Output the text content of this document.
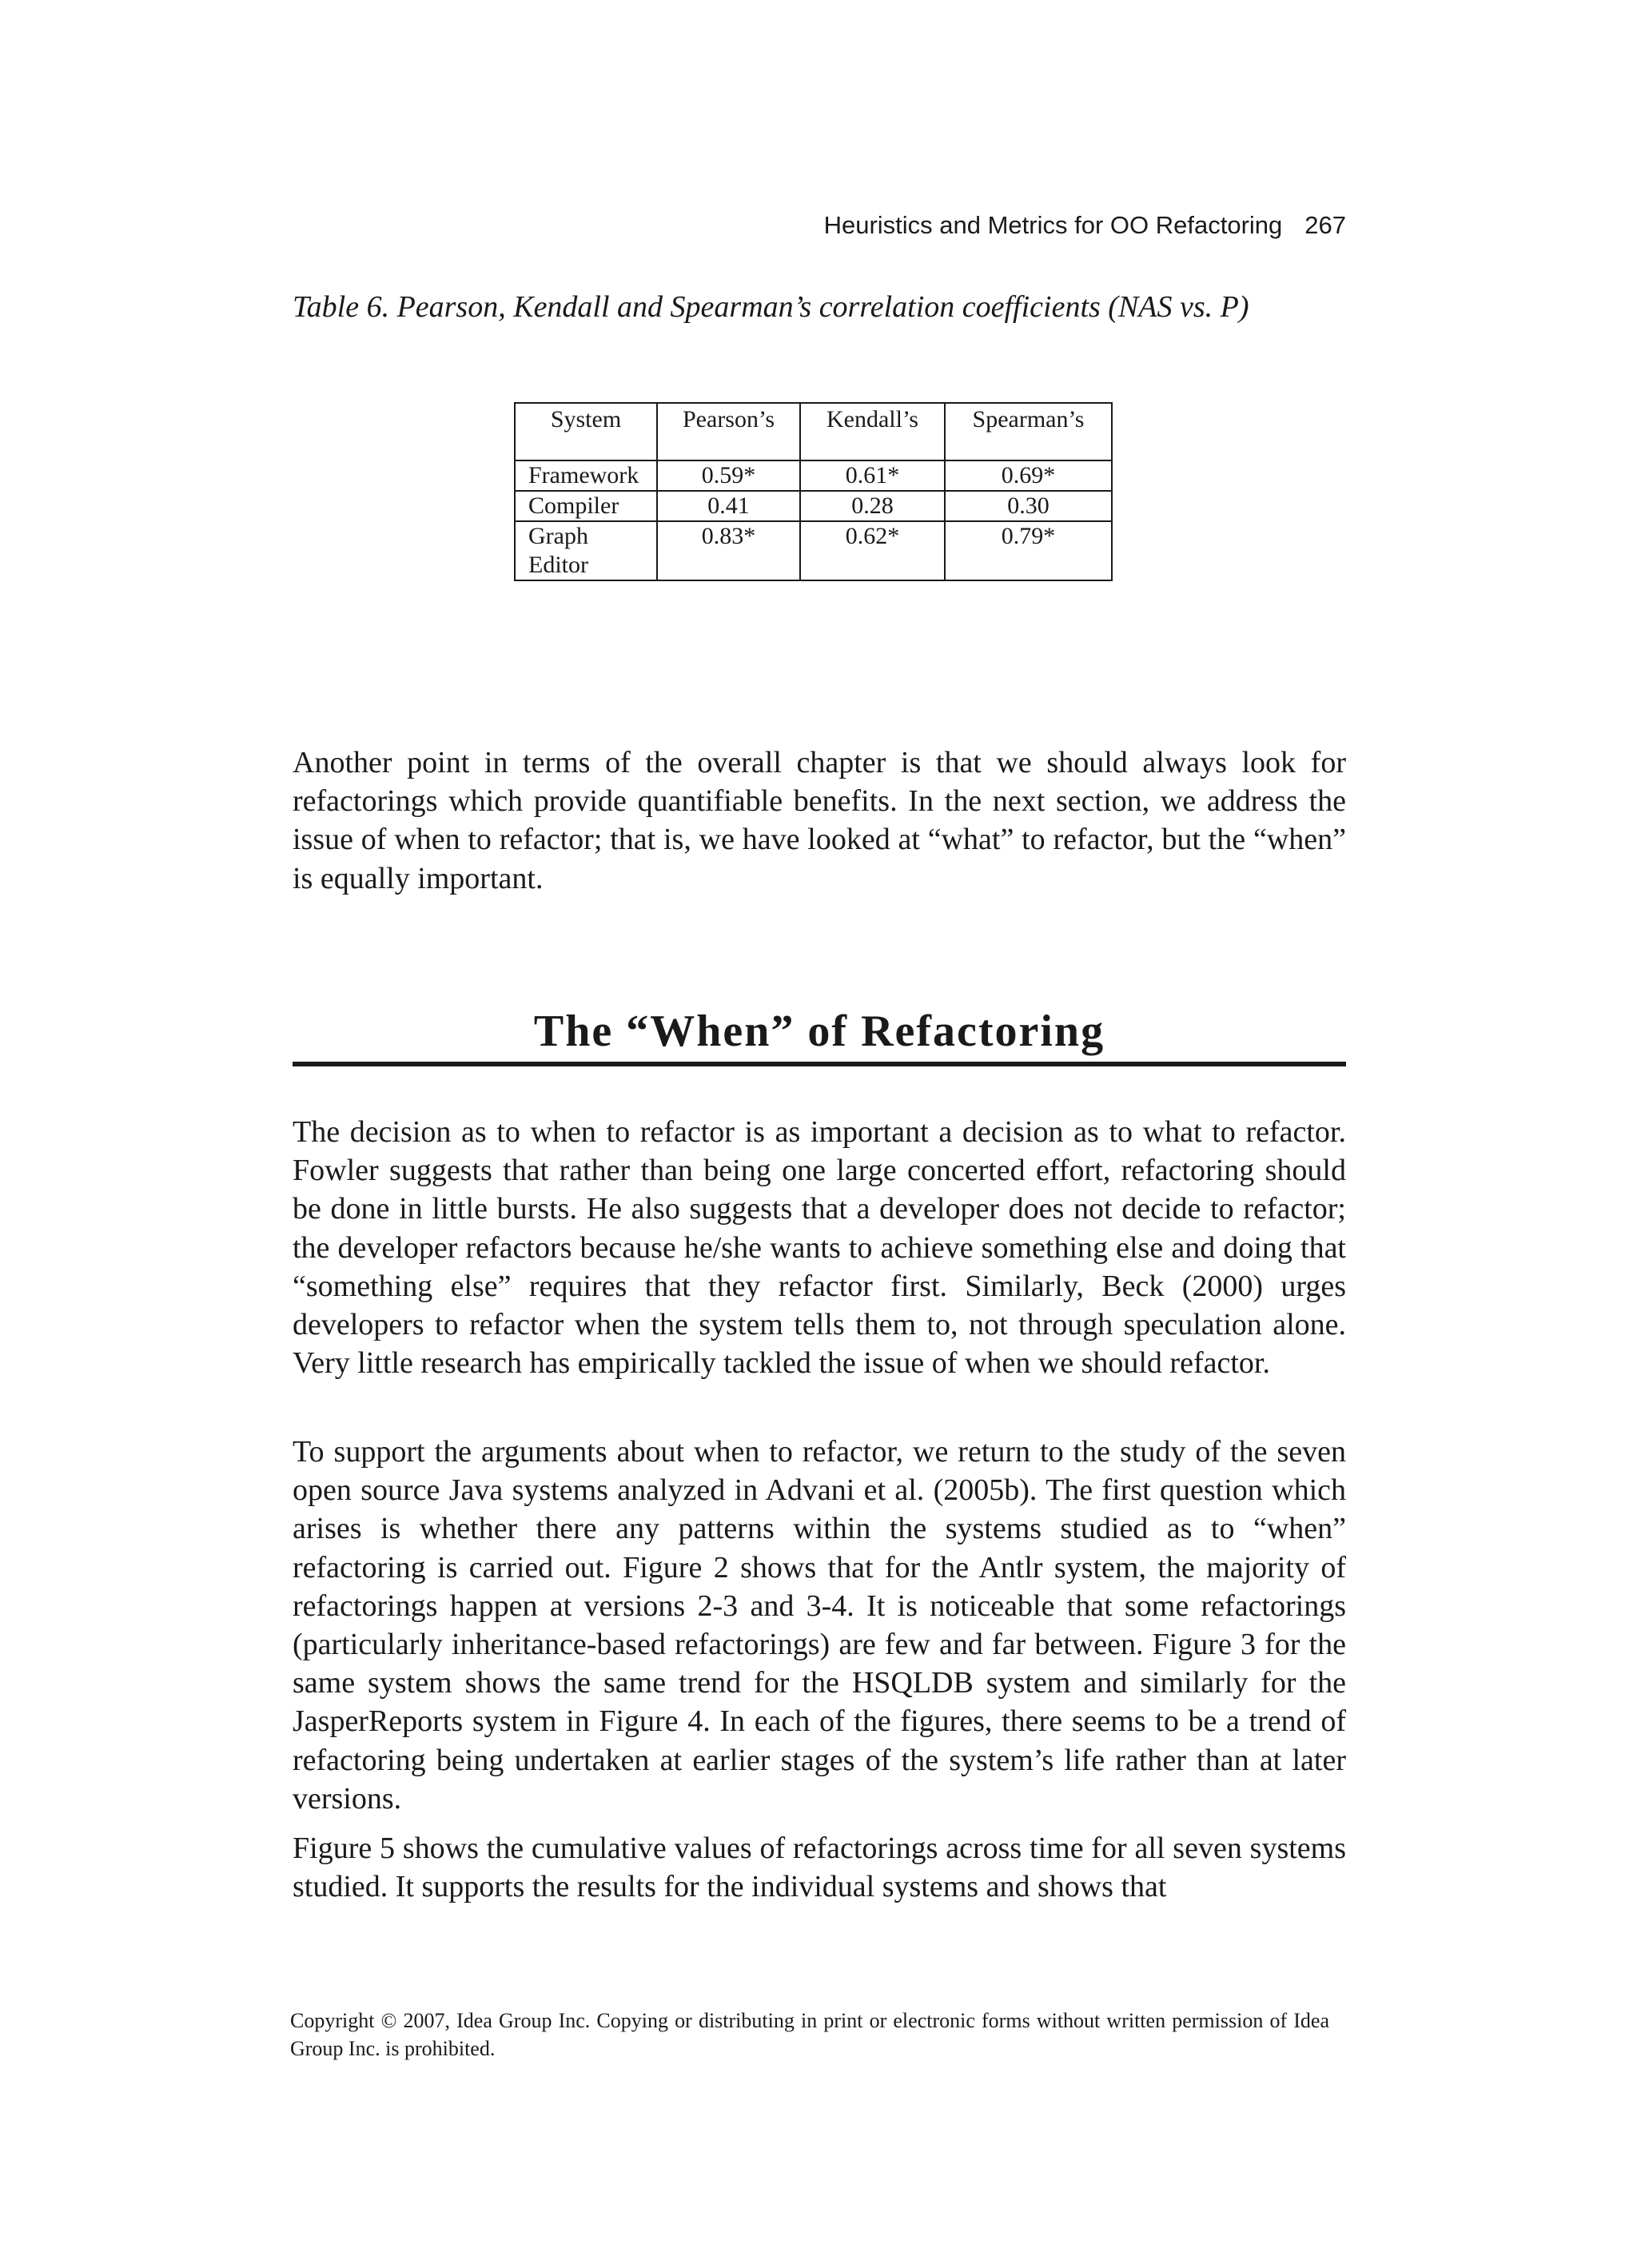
Heuristics and Metrics for OO Refactoring 267
Table 6. Pearson, Kendall and Spearman’s correlation coefficients (NAS vs. P)
System	Pearson’s	Kendall’s	Spearman’s
Framework	0.59*	0.61*	0.69*
Compiler	0.41	0.28	0.30
Graph Editor	0.83*	0.62*	0.79*

Another point in terms of the overall chapter is that we should always look for refactorings which provide quantifiable benefits. In the next section, we address the issue of when to refactor; that is, we have looked at “what” to refactor, but the “when” is equally important.

The “When” of Refactoring

The decision as to when to refactor is as important a decision as to what to refactor. Fowler suggests that rather than being one large concerted effort, refactoring should be done in little bursts. He also suggests that a developer does not decide to refactor; the developer refactors because he/she wants to achieve something else and doing that “something else” requires that they refactor first. Similarly, Beck (2000) urges developers to refactor when the system tells them to, not through speculation alone. Very little research has empirically tackled the issue of when we should refactor.

To support the arguments about when to refactor, we return to the study of the seven open source Java systems analyzed in Advani et al. (2005b). The first question which arises is whether there any patterns within the systems studied as to “when” refactoring is carried out. Figure 2 shows that for the Antlr system, the majority of refactorings happen at versions 2-3 and 3-4. It is noticeable that some refactorings (particularly inheritance-based refactorings) are few and far between. Figure 3 for the same system shows the same trend for the HSQLDB system and similarly for the JasperReports system in Figure 4. In each of the figures, there seems to be a trend of refactoring being undertaken at earlier stages of the system’s life rather than at later versions.

Figure 5 shows the cumulative values of refactorings across time for all seven systems studied. It supports the results for the individual systems and shows that

Copyright © 2007, Idea Group Inc. Copying or distributing in print or electronic forms without written permission of Idea Group Inc. is prohibited.
